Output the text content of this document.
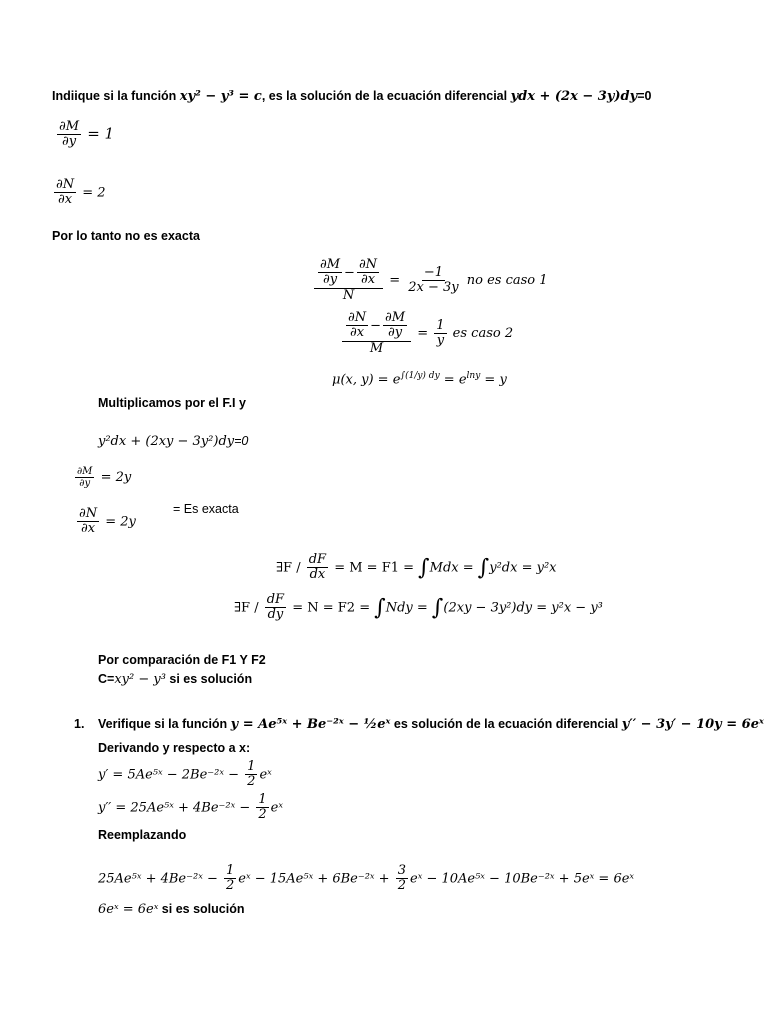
Indiique si la función xy² − y³ = c, es la solución de la ecuación diferencial ydx + (2x − 3y)dy=0
$\frac{\partial M}{\partial y} = 1$
$\frac{\partial N}{\partial x} = 2$
Por lo tanto no es exacta
$\frac{\frac{\partial M}{\partial y} - \frac{\partial N}{\partial x}}{N} = \frac{-1}{2x - 3y}$ no es caso 1
$\frac{\frac{\partial N}{\partial x} - \frac{\partial M}{\partial y}}{M} = \frac{1}{y}$ es caso 2
μ(x, $y) = e^{\int(1/y) dy} = e^{lny} = y$
Multiplicamos por el F.I y
y²dx + (2xy − 3y²)dy=0
$\frac{\partial M}{\partial y} = 2y$
$\frac{\partial N}{\partial x} = 2y$
= Es exacta
∃F / $\frac{dF}{dx} = M = F1 = \int Mdx = \int y^2dx = y^2x$
∃F / $\frac{dF}{dy} = N = F2 = \int Ndy = \int(2xy - 3y^2)dy = y^2x - y^3$
Por comparación de F1 Y F2
C=xy² − y³ si es solución
1. Verifique si la función y = Ae⁵ˣ + Be⁻²ˣ − ½eˣ es solución de la ecuación diferencial y′′ − 3y′ − 10y = 6eˣ
Derivando y respecto a x:
y′ = 5Ae⁵ˣ − 2Be⁻²ˣ − $\frac{1}{2}$ eˣ
y′′ = 25Ae⁵ˣ + 4Be⁻²ˣ − $\frac{1}{2}$ eˣ
Reemplazando
25Ae⁵ˣ + 4Be⁻²ˣ − $\frac{1}{2}$ eˣ − 15Ae⁵ˣ + 6Be⁻²ˣ + $\frac{3}{2}$ eˣ − 10Ae⁵ˣ − 10Be⁻²ˣ + 5eˣ = 6eˣ
6eˣ = 6eˣ si es solución
